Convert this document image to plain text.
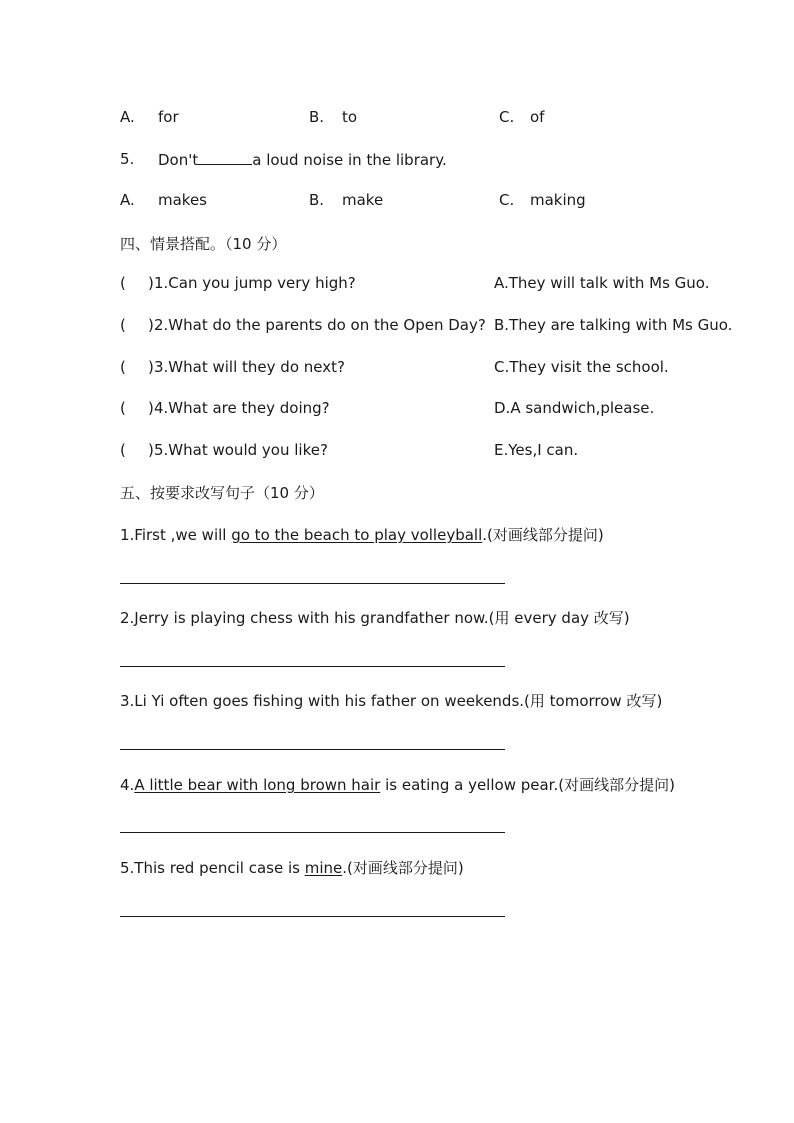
A. for	B. to	C. of
5. Don't	a loud noise in the library.
A. makes	B. make	C. making
四、情景搭配。（10 分）
( ) 1.Can you jump very high?	A.They will talk with Ms Guo.
( ) 2.What do the parents do on the Open Day? B.They are talking with Ms Guo.
( ) 3.What will they do next?	C.They visit the school.
( ) 4.What are they doing?	D.A sandwich,please.
( ) 5.What would you like?	E.Yes,I can.
五、按要求改写句子（10 分）
1.First ,we will go to the beach to play volleyball.(对画线部分提问)
2.Jerry is playing chess with his grandfather now.(用 every day 改写)
3.Li Yi often goes fishing with his father on weekends.(用 tomorrow 改写)
4.A little bear with long brown hair is eating a yellow pear.(对画线部分提问)
5.This red pencil case is mine.(对画线部分提问)
